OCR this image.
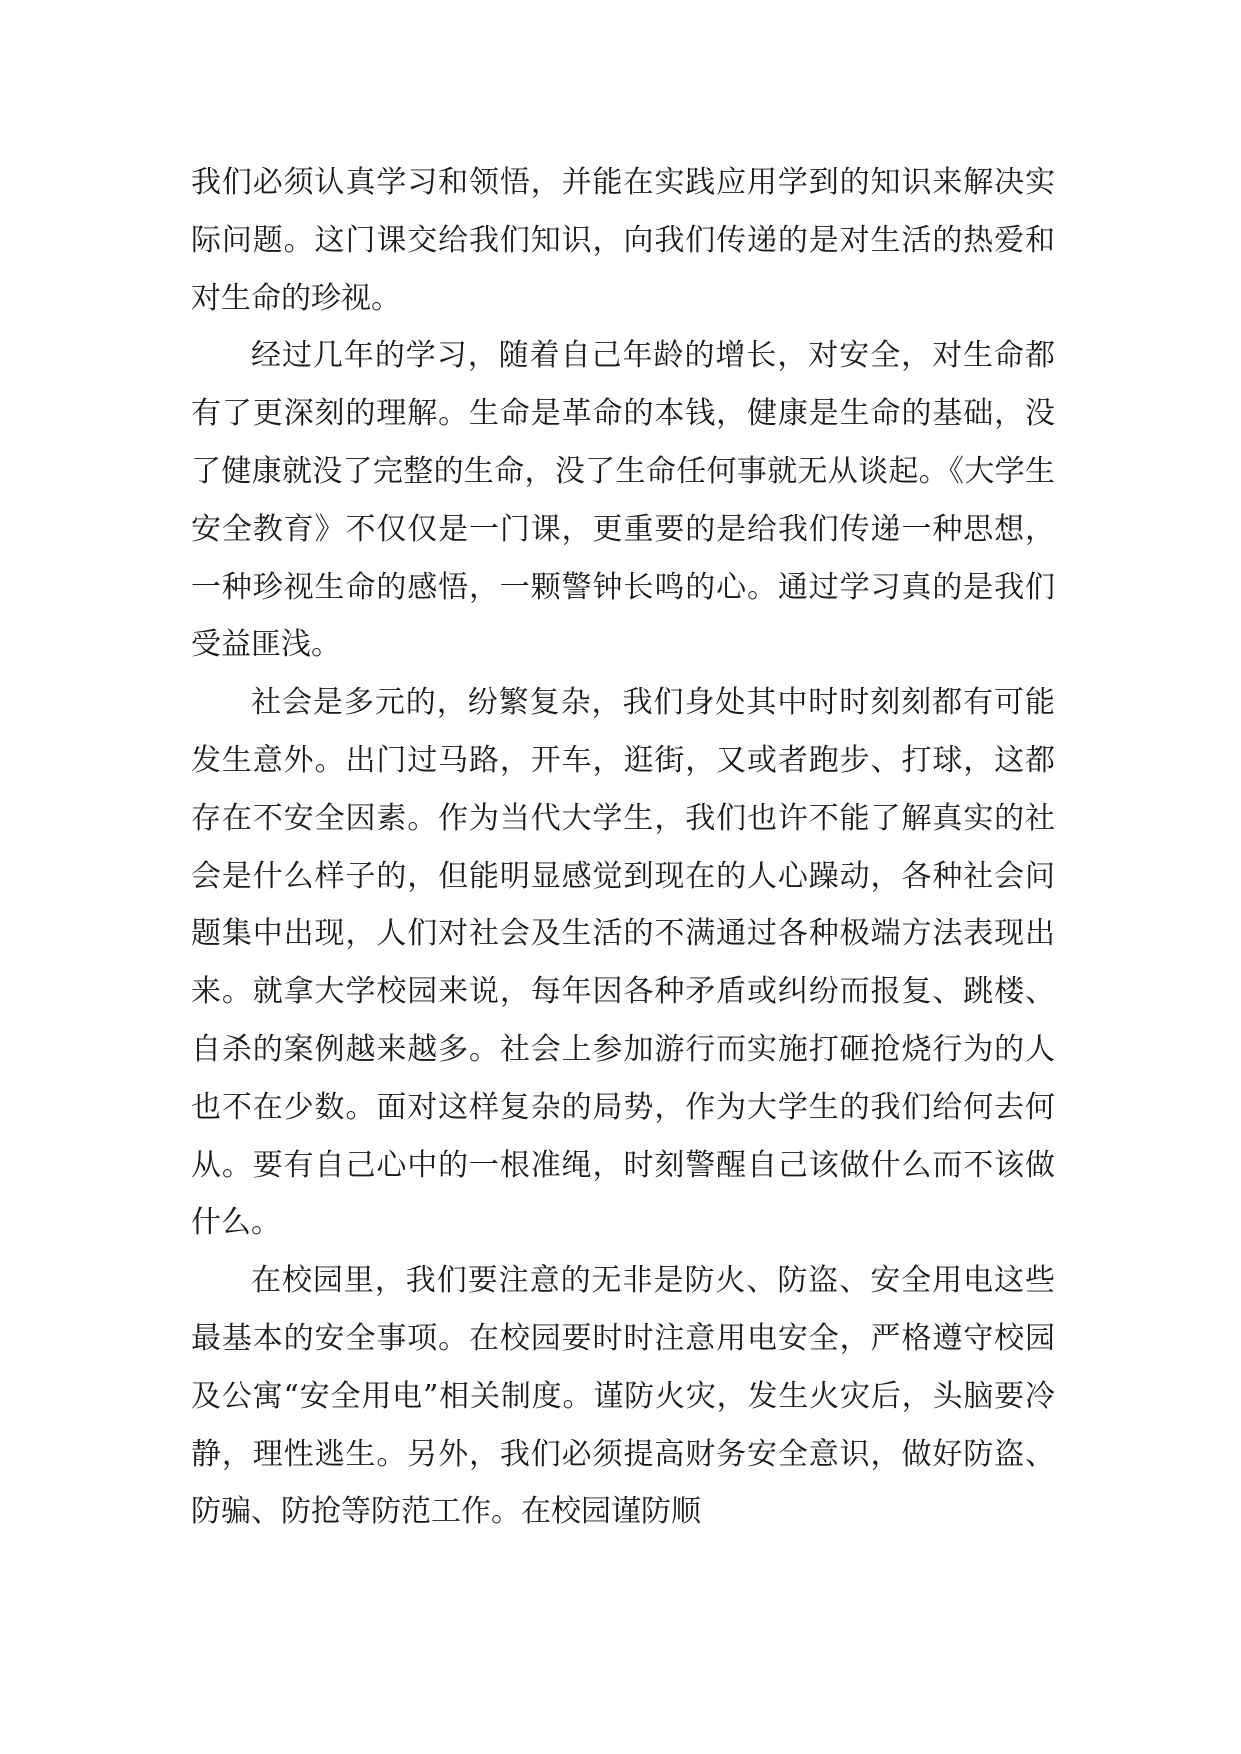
我们必须认真学习和领悟，并能在实践应用学到的知识来解决实际问题。这门课交给我们知识，向我们传递的是对生活的热爱和对生命的珍视。

经过几年的学习，随着自己年龄的增长，对安全，对生命都有了更深刻的理解。生命是革命的本钱，健康是生命的基础，没了健康就没了完整的生命，没了生命任何事就无从谈起。《大学生安全教育》不仅仅是一门课，更重要的是给我们传递一种思想，一种珍视生命的感悟，一颗警钟长鸣的心。通过学习真的是我们受益匪浅。

社会是多元的，纷繁复杂，我们身处其中时时刻刻都有可能发生意外。出门过马路，开车，逛街，又或者跑步、打球，这都存在不安全因素。作为当代大学生，我们也许不能了解真实的社会是什么样子的，但能明显感觉到现在的人心躁动，各种社会问题集中出现，人们对社会及生活的不满通过各种极端方法表现出来。就拿大学校园来说，每年因各种矛盾或纠纷而报复、跳楼、自杀的案例越来越多。社会上参加游行而实施打砸抢烧行为的人也不在少数。面对这样复杂的局势，作为大学生的我们给何去何从。要有自己心中的一根准绳，时刻警醒自己该做什么而不该做什么。

在校园里，我们要注意的无非是防火、防盗、安全用电这些最基本的安全事项。在校园要时时注意用电安全，严格遵守校园及公寓“安全用电”相关制度。谨防火灾，发生火灾后，头脑要冷静，理性逃生。另外，我们必须提高财务安全意识，做好防盗、防骗、防抢等防范工作。在校园谨防顺
